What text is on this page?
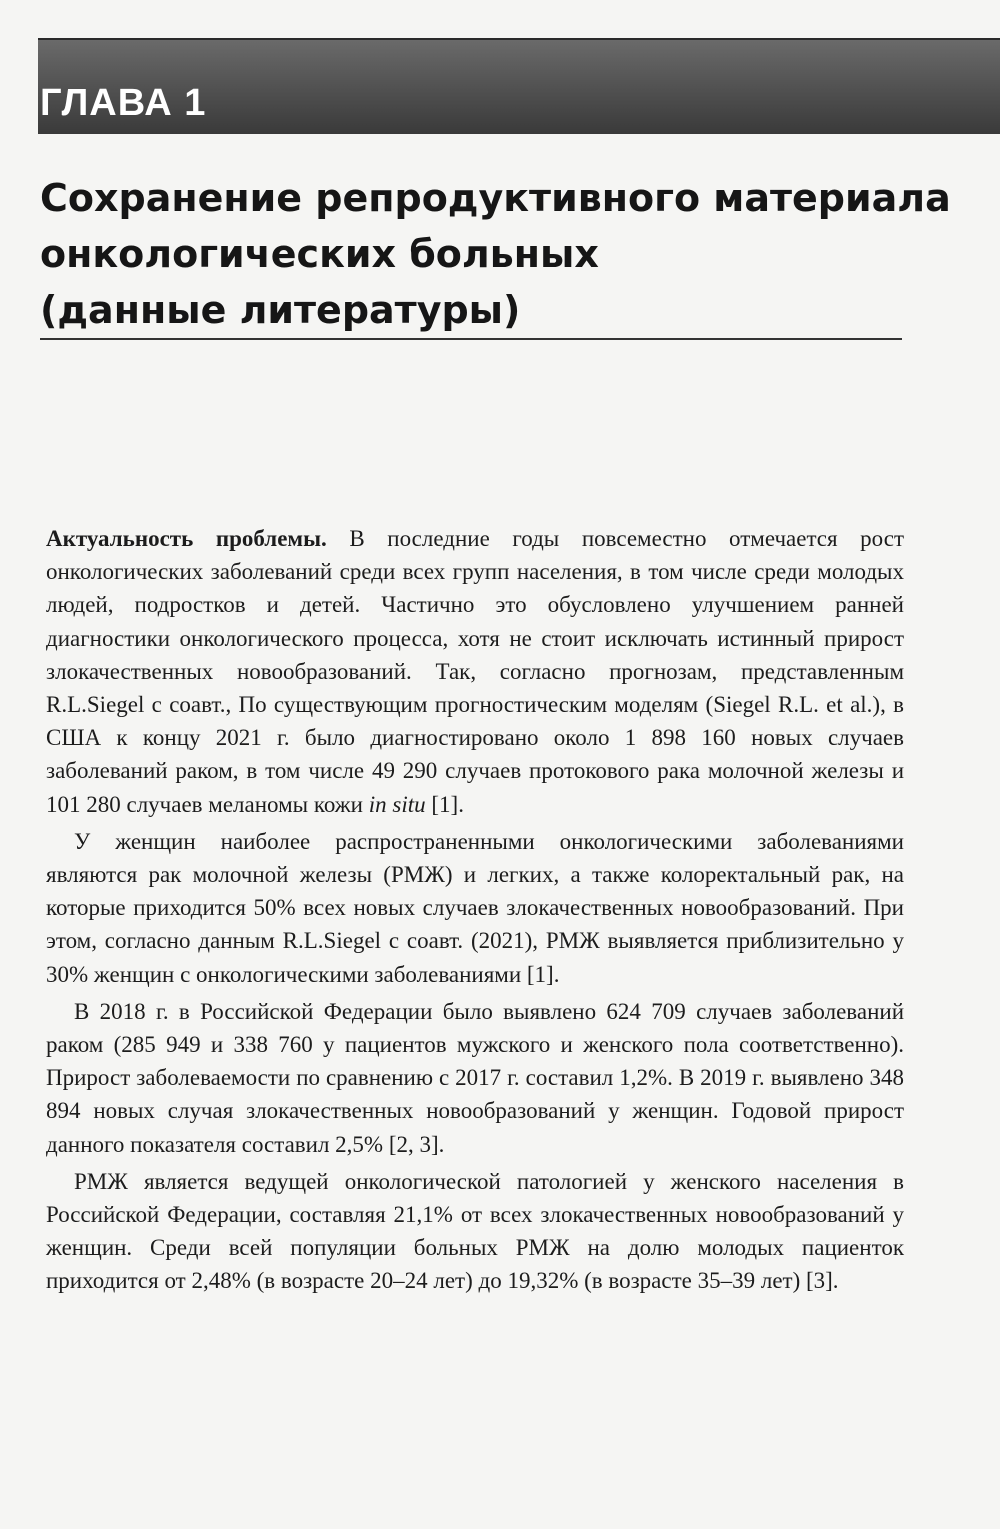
ГЛАВА 1
Сохранение репродуктивного материала
онкологических больных
(данные литературы)

Актуальность проблемы. В последние годы повсеместно отмечается рост онкологических заболеваний среди всех групп населения, в том числе среди молодых людей, подростков и детей. Частично это обусловлено улучшением ранней диагностики онкологического процесса, хотя не стоит исключать истинный прирост злокачественных новообразований. Так, согласно прогнозам, представленным R.L.Siegel с соавт., По существующим прогностическим моделям (Siegel R.L. et al.), в США к концу 2021 г. было диагностировано около 1 898 160 новых случаев заболеваний раком, в том числе 49 290 случаев протокового рака молочной железы и 101 280 случаев меланомы кожи in situ [1].

У женщин наиболее распространенными онкологическими заболеваниями являются рак молочной железы (РМЖ) и легких, а также колоректальный рак, на которые приходится 50% всех новых случаев злокачественных новообразований. При этом, согласно данным R.L.Siegel с соавт. (2021), РМЖ выявляется приблизительно у 30% женщин с онкологическими заболеваниями [1].

В 2018 г. в Российской Федерации было выявлено 624 709 случаев заболеваний раком (285 949 и 338 760 у пациентов мужского и женского пола соответственно). Прирост заболеваемости по сравнению с 2017 г. составил 1,2%. В 2019 г. выявлено 348 894 новых случая злокачественных новообразований у женщин. Годовой прирост данного показателя составил 2,5% [2, 3].

РМЖ является ведущей онкологической патологией у женского населения в Российской Федерации, составляя 21,1% от всех злокачественных новообразований у женщин. Среди всей популяции больных РМЖ на долю молодых пациенток приходится от 2,48% (в возрасте 20–24 лет) до 19,32% (в возрасте 35–39 лет) [3].
